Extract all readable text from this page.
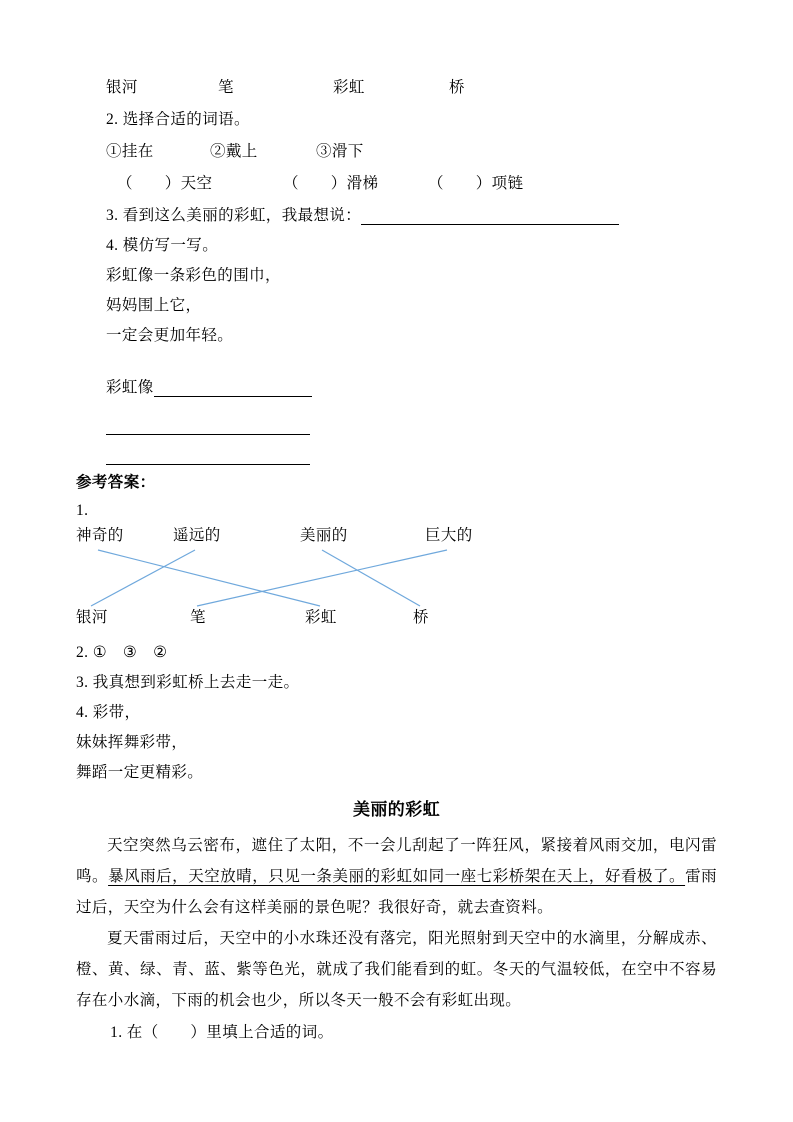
银河	笔	彩虹	桥
2. 选择合适的词语。
①挂在	②戴上	③滑下
（　　）天空	（　　）滑梯	（　　）项链
3. 看到这么美丽的彩虹，我最想说：
4. 模仿写一写。
彩虹像一条彩色的围巾，
妈妈围上它，
一定会更加年轻。
彩虹像
参考答案：
1.
神奇的	遥远的	美丽的	巨大的
银河	笔	彩虹	桥
2. ①　③　②
3. 我真想到彩虹桥上去走一走。
4. 彩带，
妹妹挥舞彩带，
舞蹈一定更精彩。
美丽的彩虹

天空突然乌云密布，遮住了太阳，不一会儿刮起了一阵狂风，紧接着风雨交加，电闪雷鸣。暴风雨后，天空放晴，只见一条美丽的彩虹如同一座七彩桥架在天上，好看极了。雷雨过后，天空为什么会有这样美丽的景色呢？我很好奇，就去查资料。

夏天雷雨过后，天空中的小水珠还没有落完，阳光照射到天空中的水滴里，分解成赤、橙、黄、绿、青、蓝、紫等色光，就成了我们能看到的虹。冬天的气温较低，在空中不容易存在小水滴，下雨的机会也少，所以冬天一般不会有彩虹出现。

1. 在（　　）里填上合适的词。
